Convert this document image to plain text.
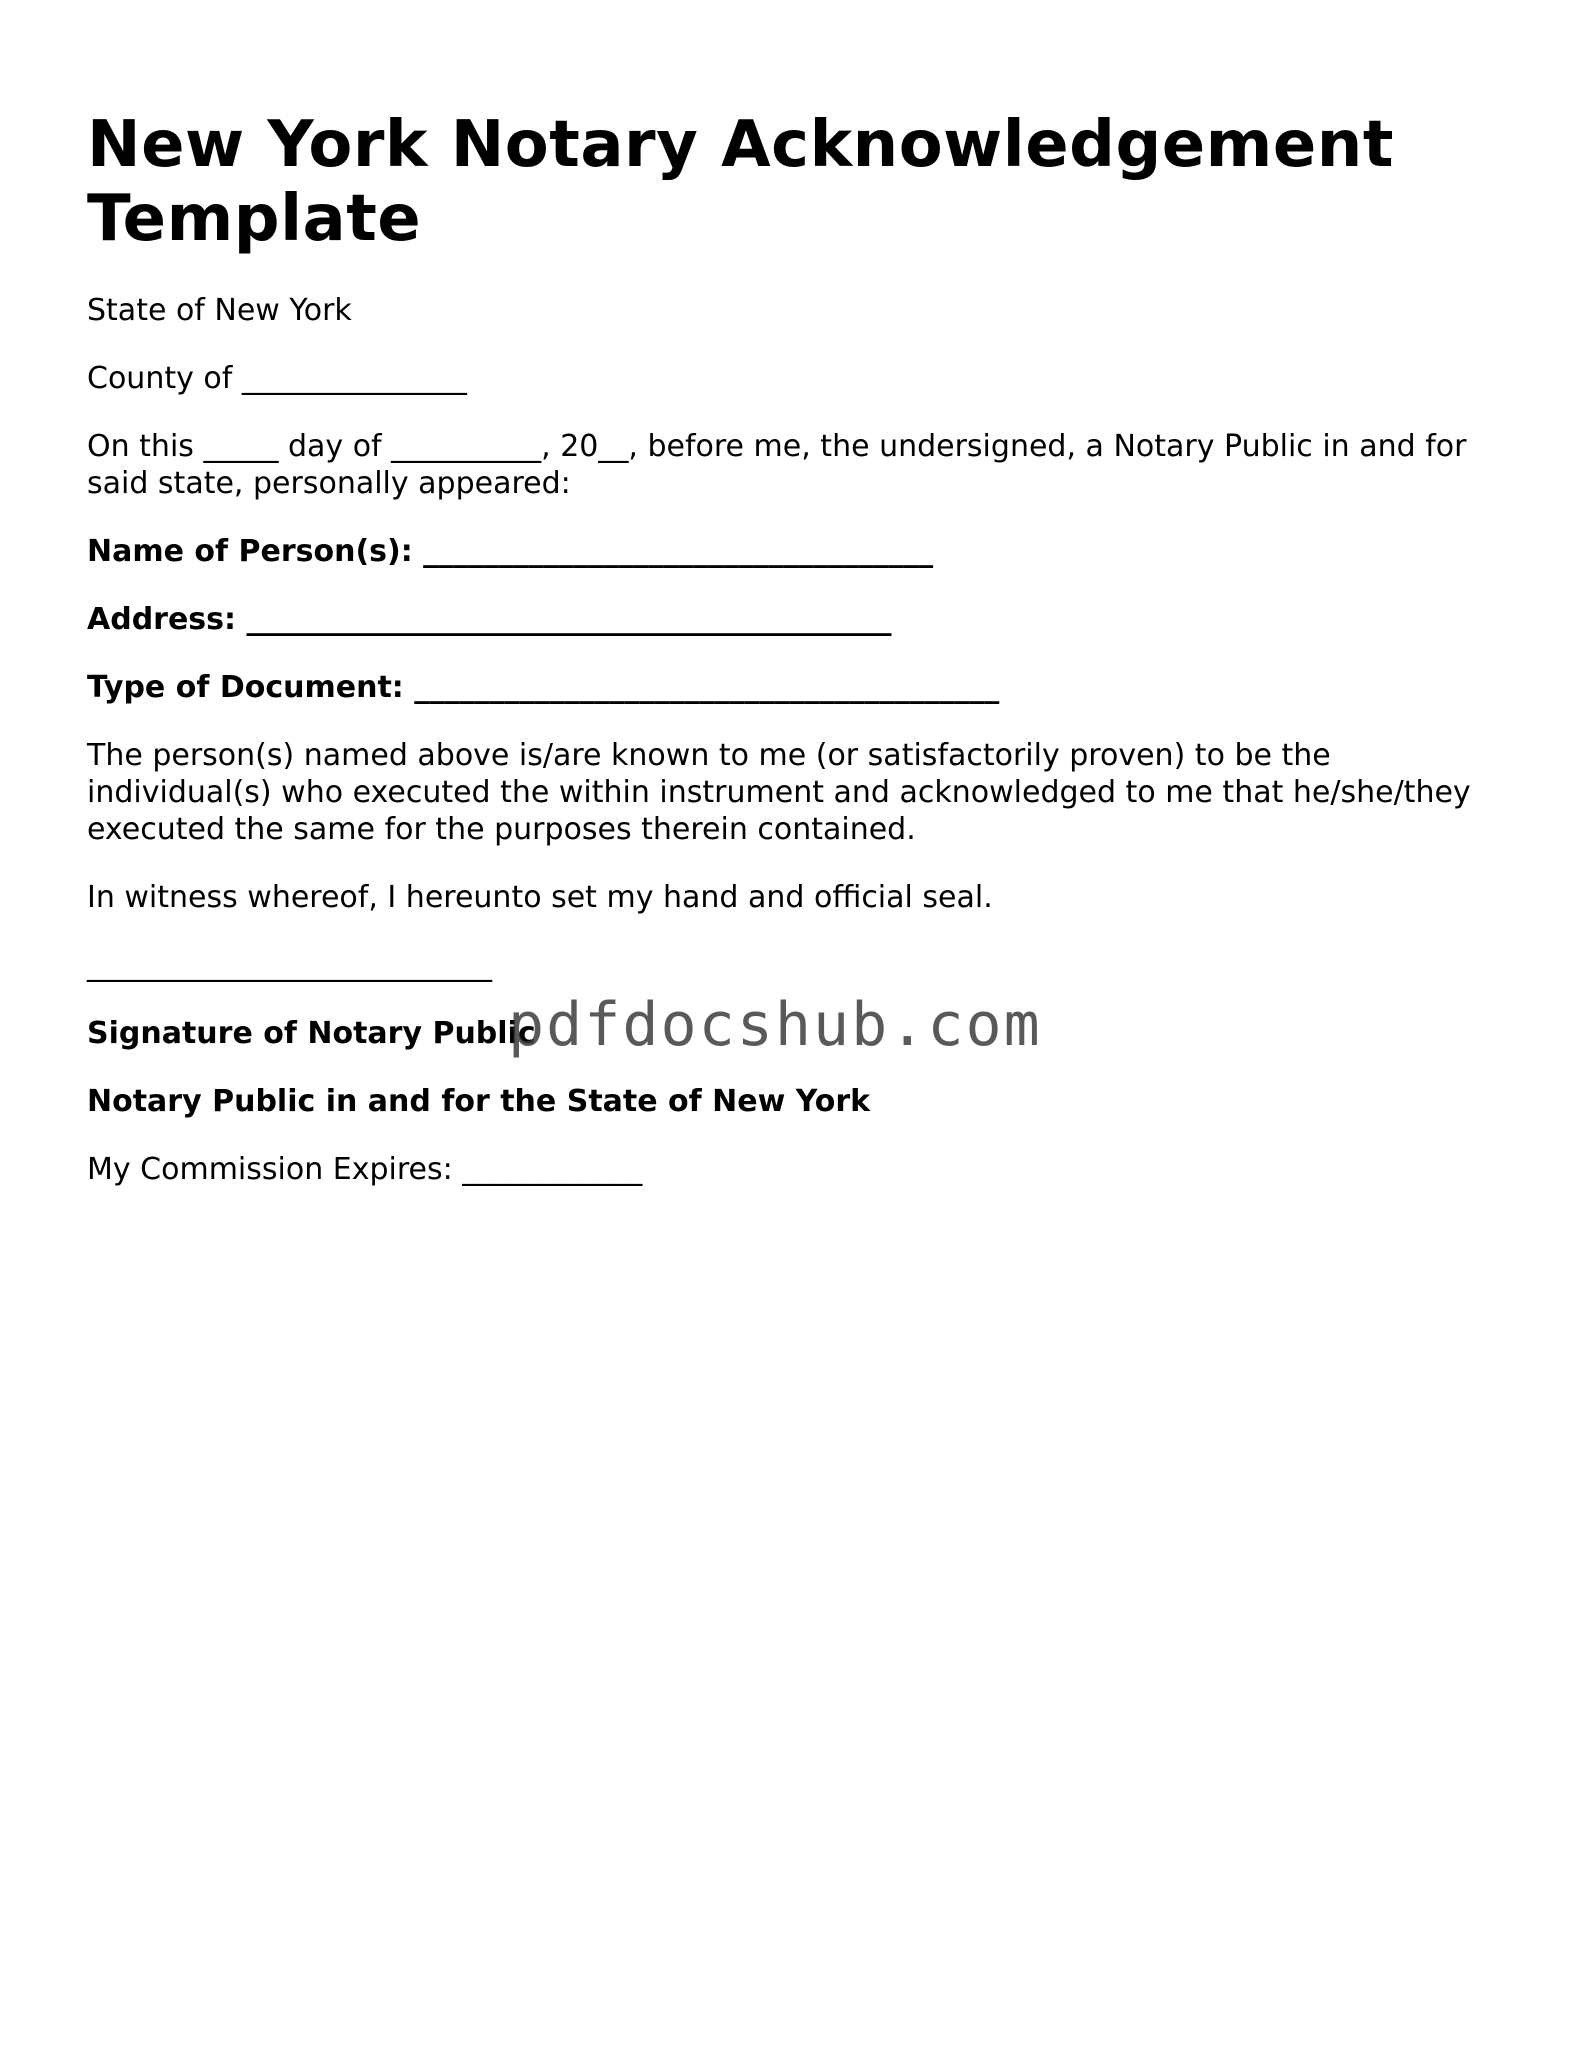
New York Notary Acknowledgement Template

State of New York

County of _______________

On this _____ day of __________, 20__, before me, the undersigned, a Notary Public in and for said state, personally appeared:

Name of Person(s): __________________________________

Address: ___________________________________________

Type of Document: _______________________________________

The person(s) named above is/are known to me (or satisfactorily proven) to be the individual(s) who executed the within instrument and acknowledged to me that he/she/they executed the same for the purposes therein contained.

In witness whereof, I hereunto set my hand and official seal.

___________________________

Signature of Notary Public

Notary Public in and for the State of New York

My Commission Expires: ____________

pdfdocshub.com
